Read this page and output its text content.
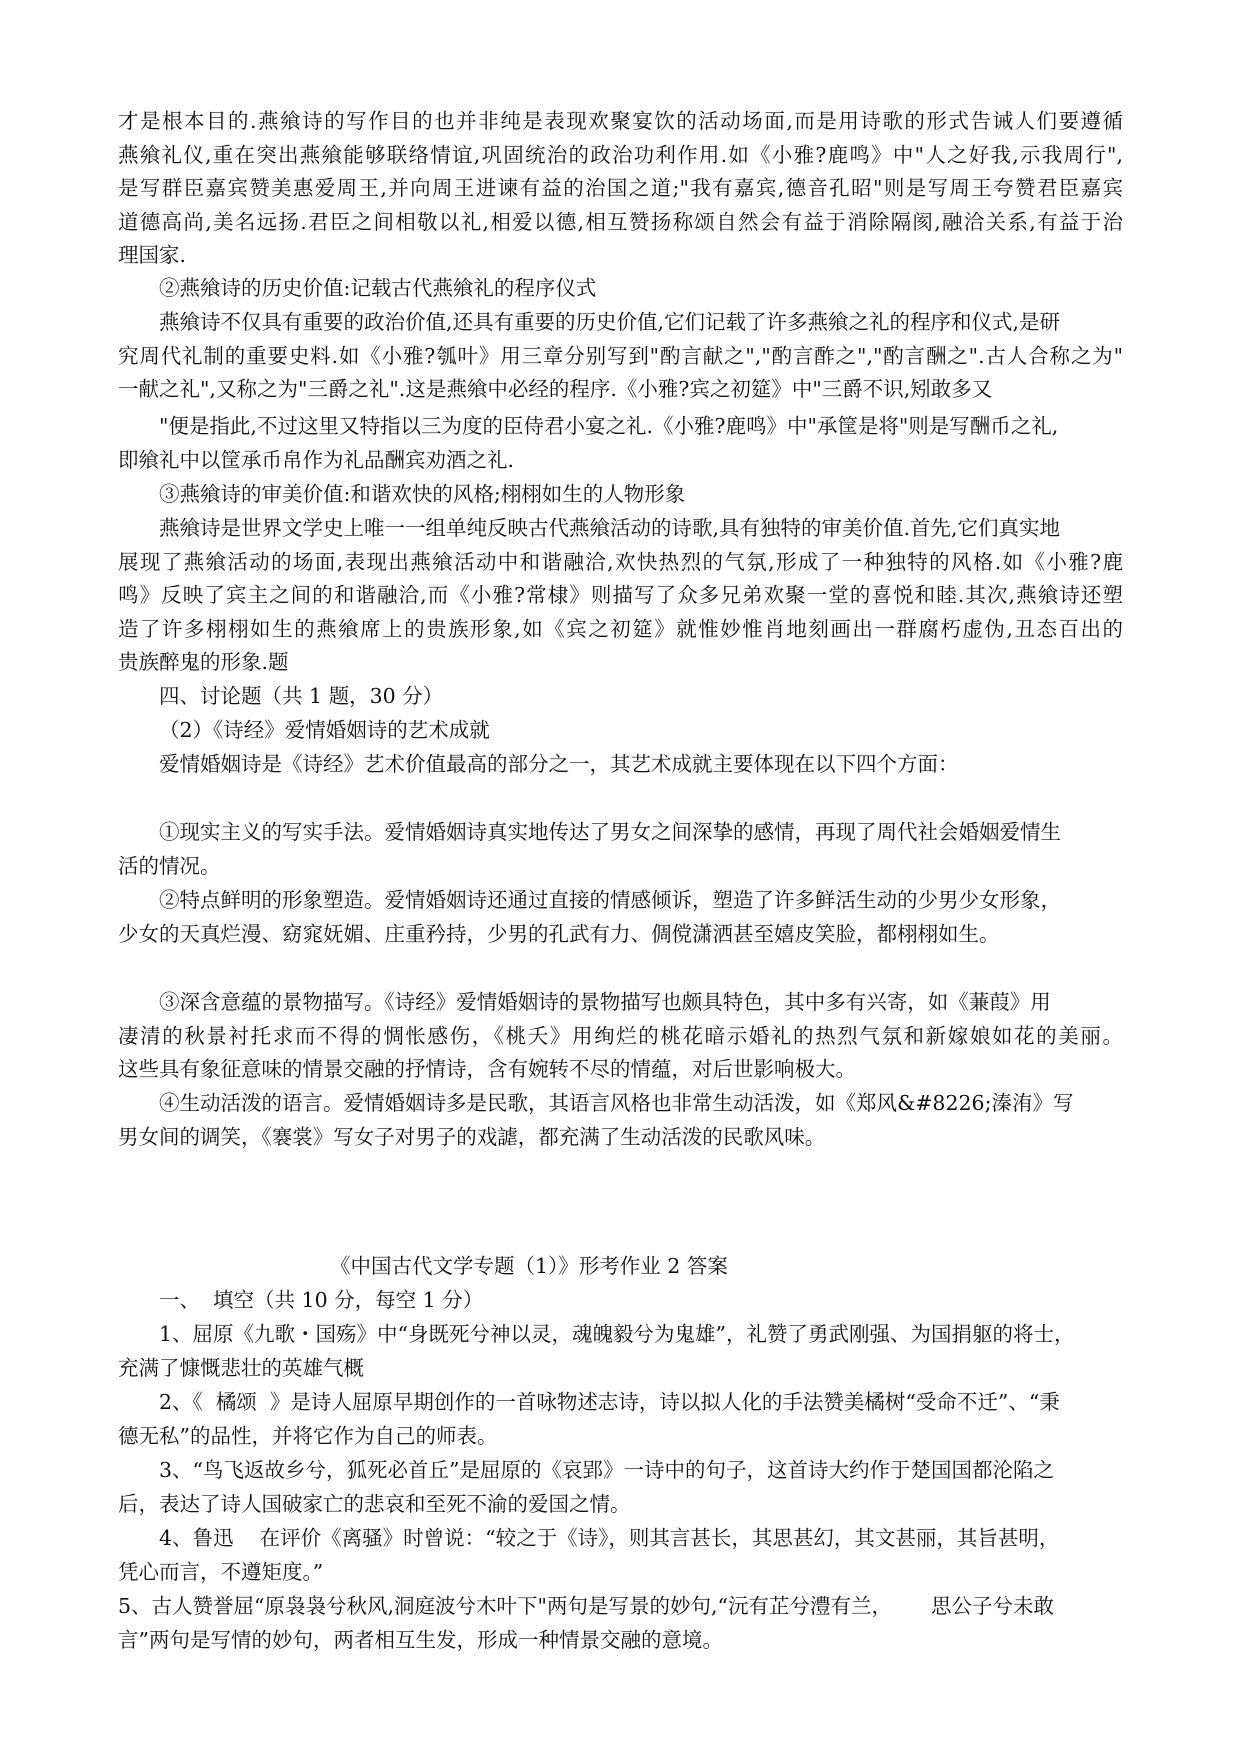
才是根本目的.燕飨诗的写作目的也并非纯是表现欢聚宴饮的活动场面,而是用诗歌的形式告诫人们要遵循
燕飨礼仪,重在突出燕飨能够联络情谊,巩固统治的政治功利作用.如《小雅?鹿鸣》中"人之好我,示我周行",
是写群臣嘉宾赞美惠爱周王,并向周王进谏有益的治国之道;"我有嘉宾,德音孔昭"则是写周王夸赞君臣嘉宾
道德高尚,美名远扬.君臣之间相敬以礼,相爱以德,相互赞扬称颂自然会有益于消除隔阂,融洽关系,有益于治
理国家.
②燕飨诗的历史价值:记载古代燕飨礼的程序仪式
燕飨诗不仅具有重要的政治价值,还具有重要的历史价值,它们记载了许多燕飨之礼的程序和仪式,是研
究周代礼制的重要史料.如《小雅?瓠叶》用三章分别写到"酌言献之","酌言酢之","酌言酬之".古人合称之为"
一献之礼",又称之为"三爵之礼".这是燕飨中必经的程序.《小雅?宾之初筵》中"三爵不识,矧敢多又
"便是指此,不过这里又特指以三为度的臣侍君小宴之礼.《小雅?鹿鸣》中"承筐是将"则是写酬币之礼,
即飨礼中以筐承币帛作为礼品酬宾劝酒之礼.
③燕飨诗的审美价值:和谐欢快的风格;栩栩如生的人物形象
燕飨诗是世界文学史上唯一一组单纯反映古代燕飨活动的诗歌,具有独特的审美价值.首先,它们真实地
展现了燕飨活动的场面,表现出燕飨活动中和谐融洽,欢快热烈的气氛,形成了一种独特的风格.如《小雅?鹿
鸣》反映了宾主之间的和谐融洽,而《小雅?常棣》则描写了众多兄弟欢聚一堂的喜悦和睦.其次,燕飨诗还塑
造了许多栩栩如生的燕飨席上的贵族形象,如《宾之初筵》就惟妙惟肖地刻画出一群腐朽虚伪,丑态百出的
贵族醉鬼的形象.题
四、讨论题（共 1 题，30 分）
（2）《诗经》爱情婚姻诗的艺术成就
爱情婚姻诗是《诗经》艺术价值最高的部分之一，其艺术成就主要体现在以下四个方面：
①现实主义的写实手法。爱情婚姻诗真实地传达了男女之间深挚的感情，再现了周代社会婚姻爱情生
活的情况。
②特点鲜明的形象塑造。爱情婚姻诗还通过直接的情感倾诉，塑造了许多鲜活生动的少男少女形象，
少女的天真烂漫、窈窕妩媚、庄重矜持，少男的孔武有力、倜傥潇洒甚至嬉皮笑脸，都栩栩如生。
③深含意蕴的景物描写。《诗经》爱情婚姻诗的景物描写也颇具特色，其中多有兴寄，如《蒹葭》用
凄清的秋景衬托求而不得的惆怅感伤，《桃夭》用绚烂的桃花暗示婚礼的热烈气氛和新嫁娘如花的美丽。
这些具有象征意味的情景交融的抒情诗，含有婉转不尽的情蕴，对后世影响极大。
④生动活泼的语言。爱情婚姻诗多是民歌，其语言风格也非常生动活泼，如《郑风&#8226;溱洧》写
男女间的调笑，《褰裳》写女子对男子的戏謔，都充满了生动活泼的民歌风味。
《中国古代文学专题（1）》形考作业 2 答案
一、  填空（共 10 分，每空 1 分）
1、屈原《九歌・国殇》中“身既死兮神以灵，魂魄毅兮为鬼雄”，礼赞了勇武刚强、为国捐躯的将士，
充满了慷慨悲壮的英雄气概
2、《  橘颂  》是诗人屈原早期创作的一首咏物述志诗，诗以拟人化的手法赞美橘树“受命不迁”、“秉
德无私”的品性，并将它作为自己的师表。
3、“鸟飞返故乡兮，狐死必首丘”是屈原的《哀郢》一诗中的句子，这首诗大约作于楚国国都沦陷之
后，表达了诗人国破家亡的悲哀和至死不渝的爱国之情。
4、鲁迅    在评价《离骚》时曾说：“较之于《诗》，则其言甚长，其思甚幻，其文甚丽，其旨甚明，
凭心而言，不遵矩度。”
5、古人赞誉屈“原袅袅兮秋风,洞庭波兮木叶下"两句是写景的妙句,“沅有芷兮澧有兰，      思公子兮未敢
言”两句是写情的妙句，两者相互生发，形成一种情景交融的意境。
